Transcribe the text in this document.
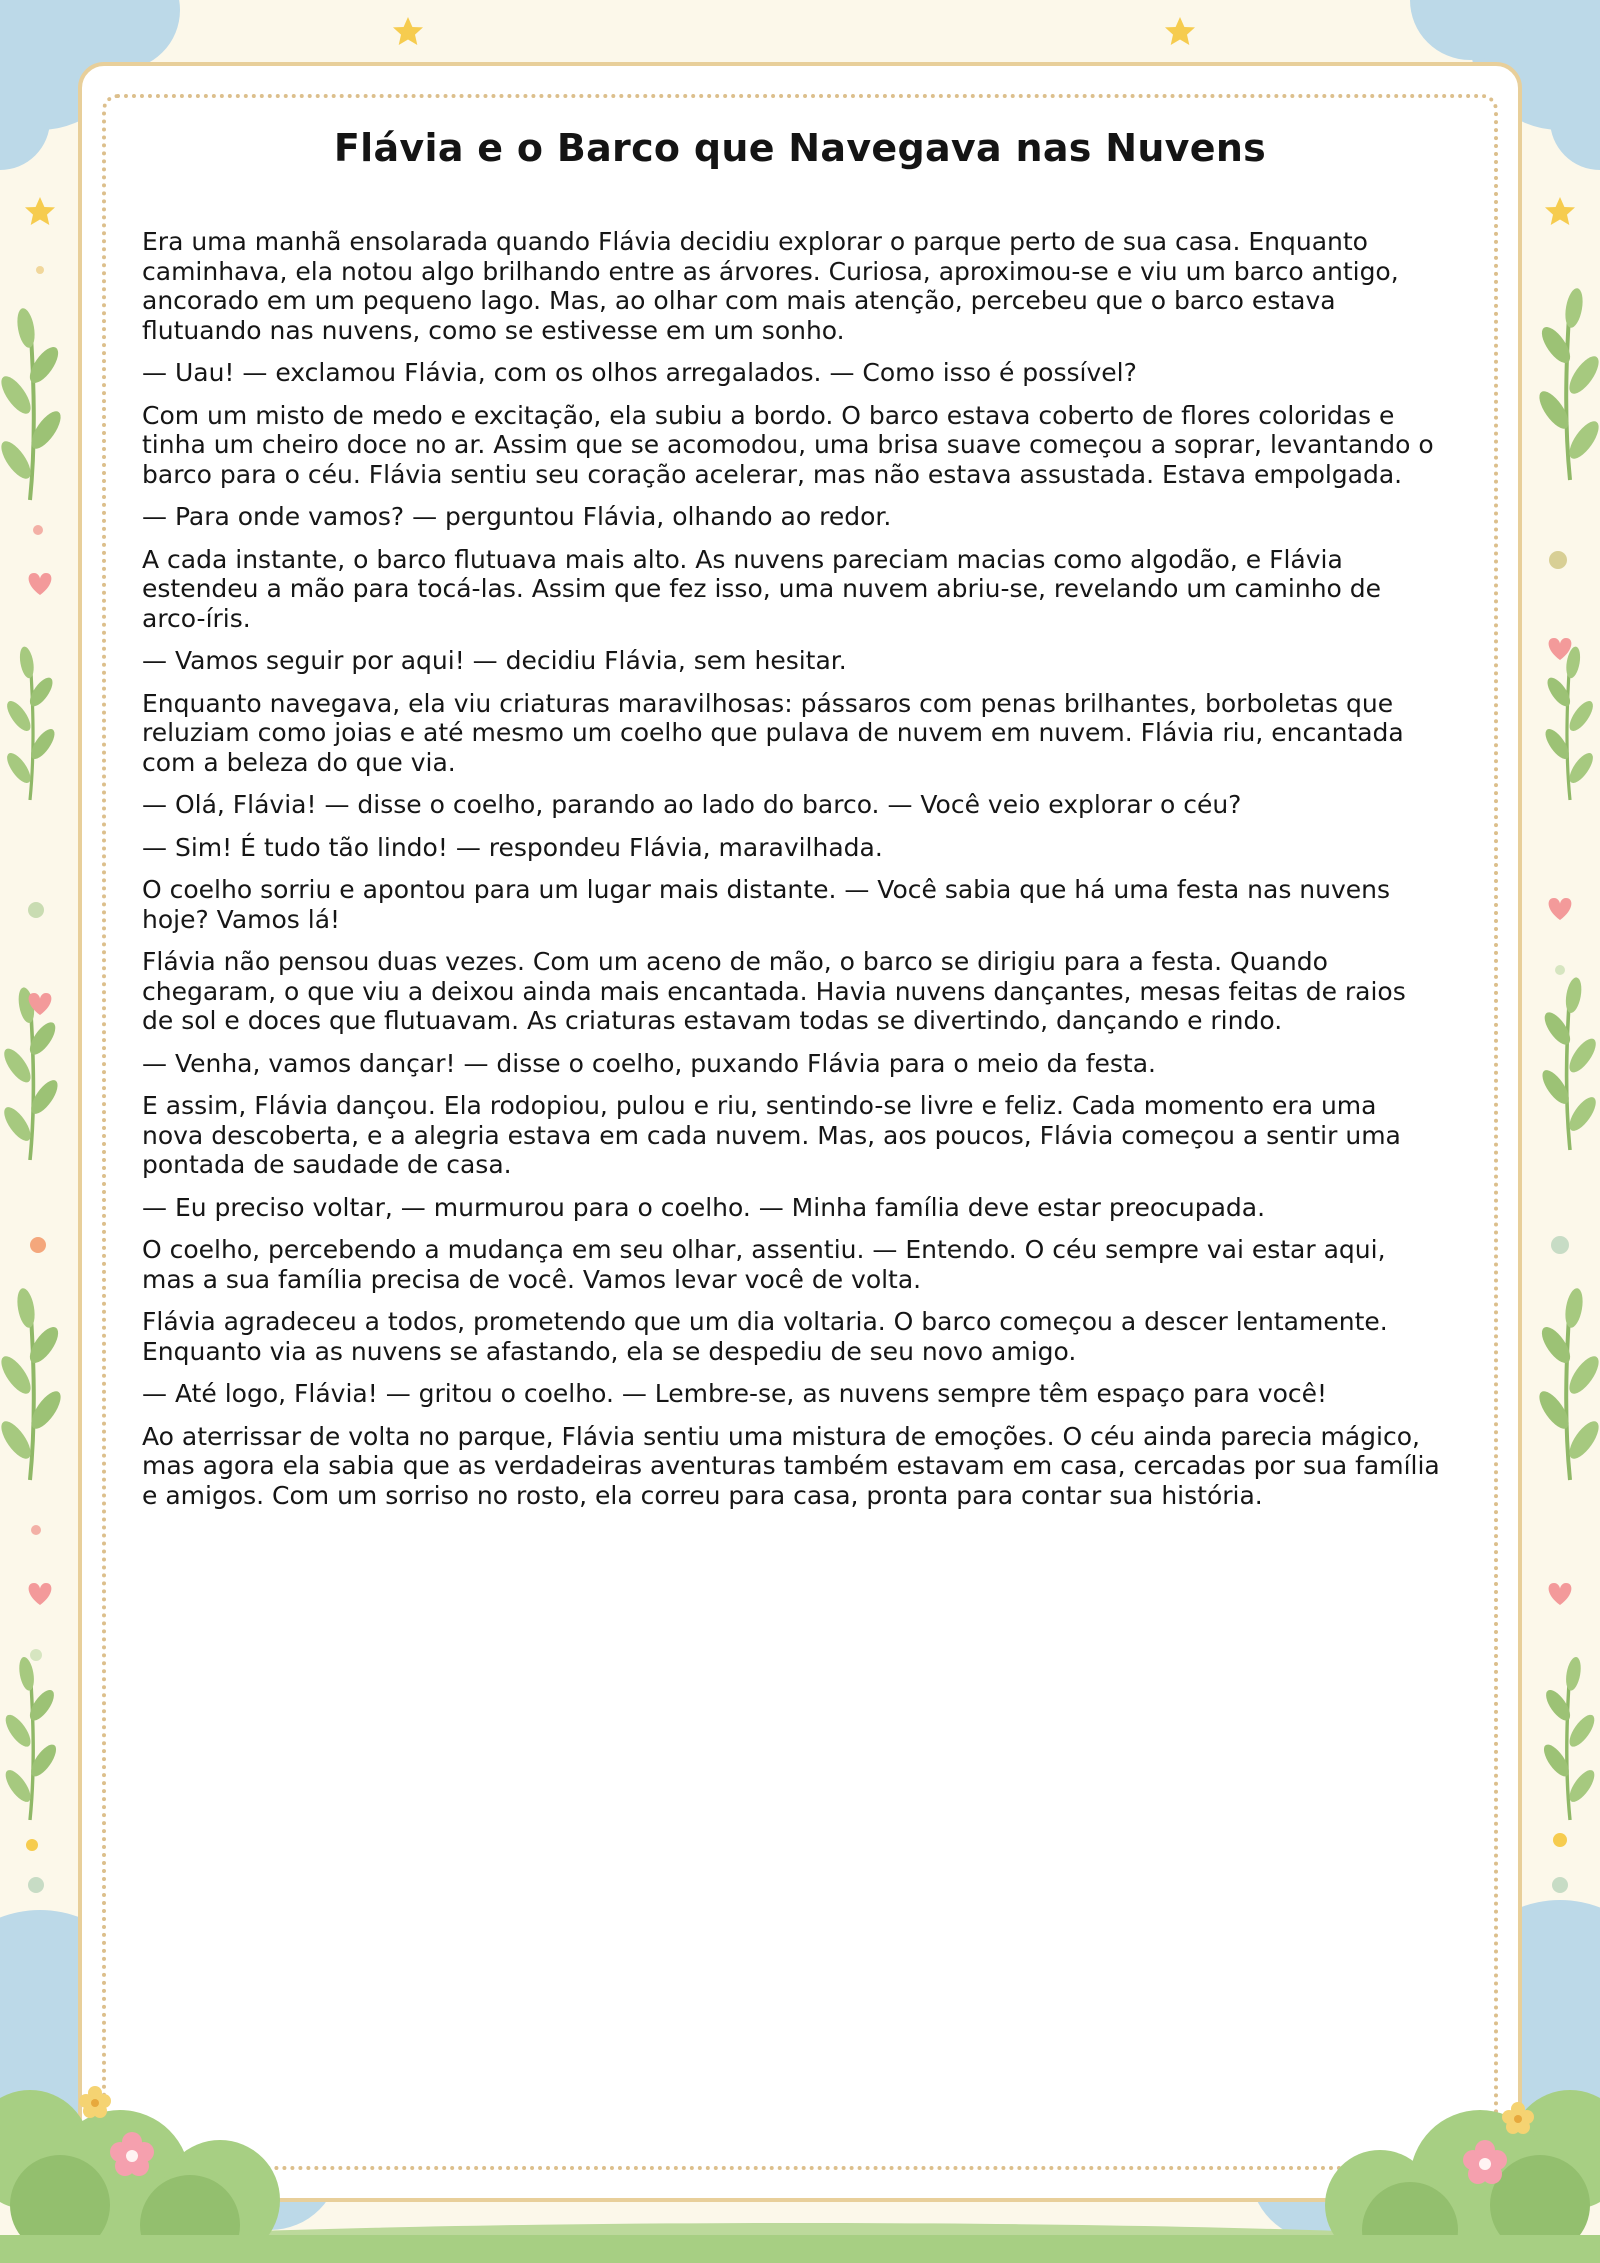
Flávia e o Barco que Navegava nas Nuvens

Era uma manhã ensolarada quando Flávia decidiu explorar o parque perto de sua casa. Enquanto caminhava, ela notou algo brilhando entre as árvores. Curiosa, aproximou-se e viu um barco antigo, ancorado em um pequeno lago. Mas, ao olhar com mais atenção, percebeu que o barco estava flutuando nas nuvens, como se estivesse em um sonho.

— Uau! — exclamou Flávia, com os olhos arregalados. — Como isso é possível?

Com um misto de medo e excitação, ela subiu a bordo. O barco estava coberto de flores coloridas e tinha um cheiro doce no ar. Assim que se acomodou, uma brisa suave começou a soprar, levantando o barco para o céu. Flávia sentiu seu coração acelerar, mas não estava assustada. Estava empolgada.

— Para onde vamos? — perguntou Flávia, olhando ao redor.

A cada instante, o barco flutuava mais alto. As nuvens pareciam macias como algodão, e Flávia estendeu a mão para tocá-las. Assim que fez isso, uma nuvem abriu-se, revelando um caminho de arco-íris.

— Vamos seguir por aqui! — decidiu Flávia, sem hesitar.

Enquanto navegava, ela viu criaturas maravilhosas: pássaros com penas brilhantes, borboletas que reluziam como joias e até mesmo um coelho que pulava de nuvem em nuvem. Flávia riu, encantada com a beleza do que via.

— Olá, Flávia! — disse o coelho, parando ao lado do barco. — Você veio explorar o céu?

— Sim! É tudo tão lindo! — respondeu Flávia, maravilhada.

O coelho sorriu e apontou para um lugar mais distante. — Você sabia que há uma festa nas nuvens hoje? Vamos lá!

Flávia não pensou duas vezes. Com um aceno de mão, o barco se dirigiu para a festa. Quando chegaram, o que viu a deixou ainda mais encantada. Havia nuvens dançantes, mesas feitas de raios de sol e doces que flutuavam. As criaturas estavam todas se divertindo, dançando e rindo.

— Venha, vamos dançar! — disse o coelho, puxando Flávia para o meio da festa.

E assim, Flávia dançou. Ela rodopiou, pulou e riu, sentindo-se livre e feliz. Cada momento era uma nova descoberta, e a alegria estava em cada nuvem. Mas, aos poucos, Flávia começou a sentir uma pontada de saudade de casa.

— Eu preciso voltar, — murmurou para o coelho. — Minha família deve estar preocupada.

O coelho, percebendo a mudança em seu olhar, assentiu. — Entendo. O céu sempre vai estar aqui, mas a sua família precisa de você. Vamos levar você de volta.

Flávia agradeceu a todos, prometendo que um dia voltaria. O barco começou a descer lentamente. Enquanto via as nuvens se afastando, ela se despediu de seu novo amigo.

— Até logo, Flávia! — gritou o coelho. — Lembre-se, as nuvens sempre têm espaço para você!

Ao aterrissar de volta no parque, Flávia sentiu uma mistura de emoções. O céu ainda parecia mágico, mas agora ela sabia que as verdadeiras aventuras também estavam em casa, cercadas por sua família e amigos. Com um sorriso no rosto, ela correu para casa, pronta para contar sua história.
